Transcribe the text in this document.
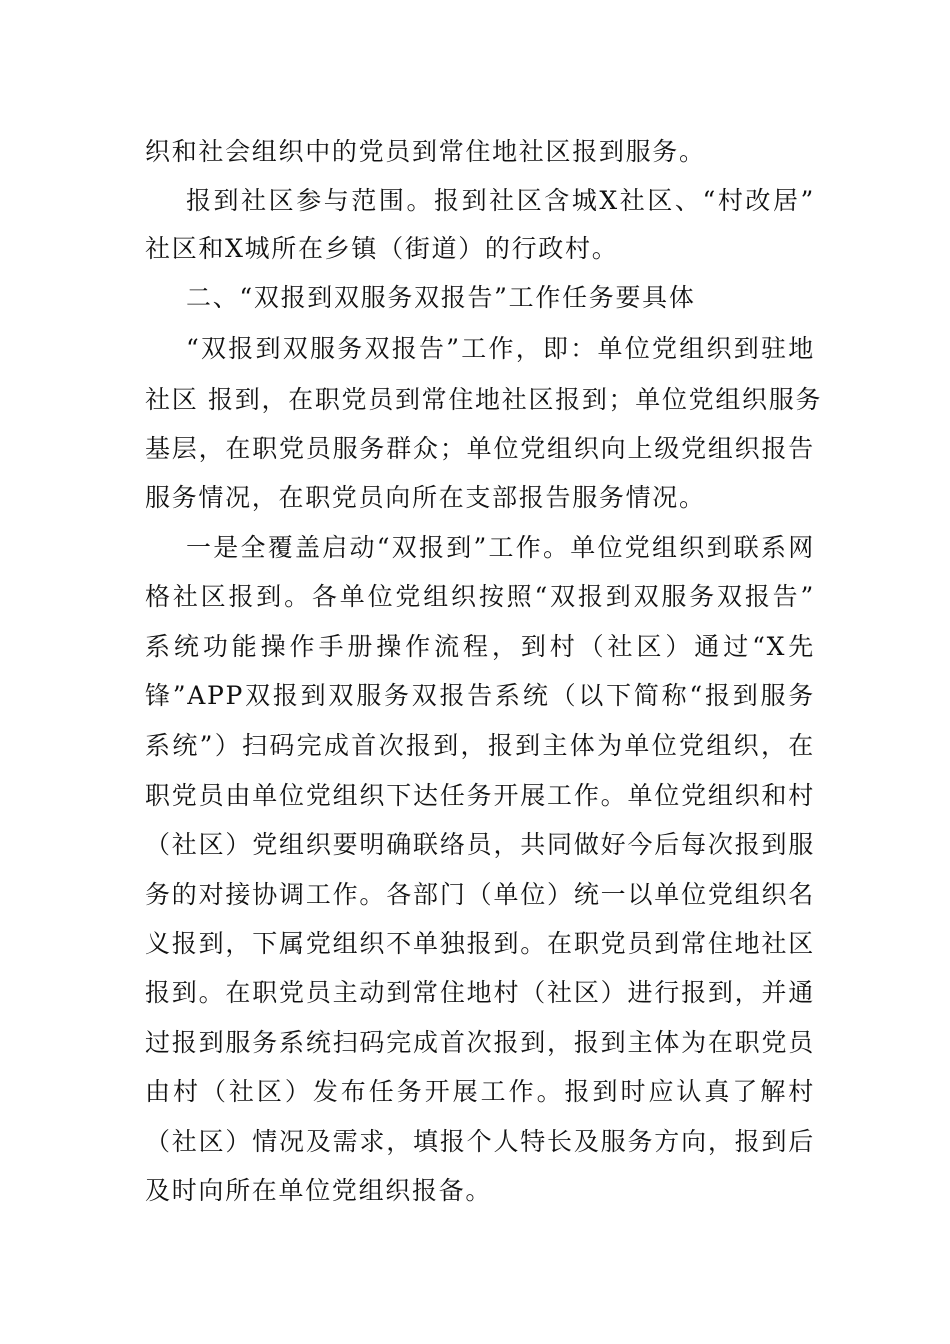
织和社会组织中的党员到常住地社区报到服务。
报到社区参与范围。报到社区含城X社区、“村改居”
社区和X城所在乡镇（街道）的行政村。
二、“双报到双服务双报告”工作任务要具体
“双报到双服务双报告”工作，即：单位党组织到驻地
社区 报到，在职党员到常住地社区报到；单位党组织服务
基层，在职党员服务群众；单位党组织向上级党组织报告
服务情况，在职党员向所在支部报告服务情况。
一是全覆盖启动“双报到”工作。单位党组织到联系网
格社区报到。各单位党组织按照“双报到双服务双报告”
系统功能操作手册操作流程，到村（社区）通过“X先
锋”APP双报到双服务双报告系统（以下简称“报到服务
系统”）扫码完成首次报到，报到主体为单位党组织，在
职党员由单位党组织下达任务开展工作。单位党组织和村
（社区）党组织要明确联络员，共同做好今后每次报到服
务的对接协调工作。各部门（单位）统一以单位党组织名
义报到，下属党组织不单独报到。在职党员到常住地社区
报到。在职党员主动到常住地村（社区）进行报到，并通
过报到服务系统扫码完成首次报到，报到主体为在职党员
由村（社区）发布任务开展工作。报到时应认真了解村
（社区）情况及需求，填报个人特长及服务方向，报到后
及时向所在单位党组织报备。
